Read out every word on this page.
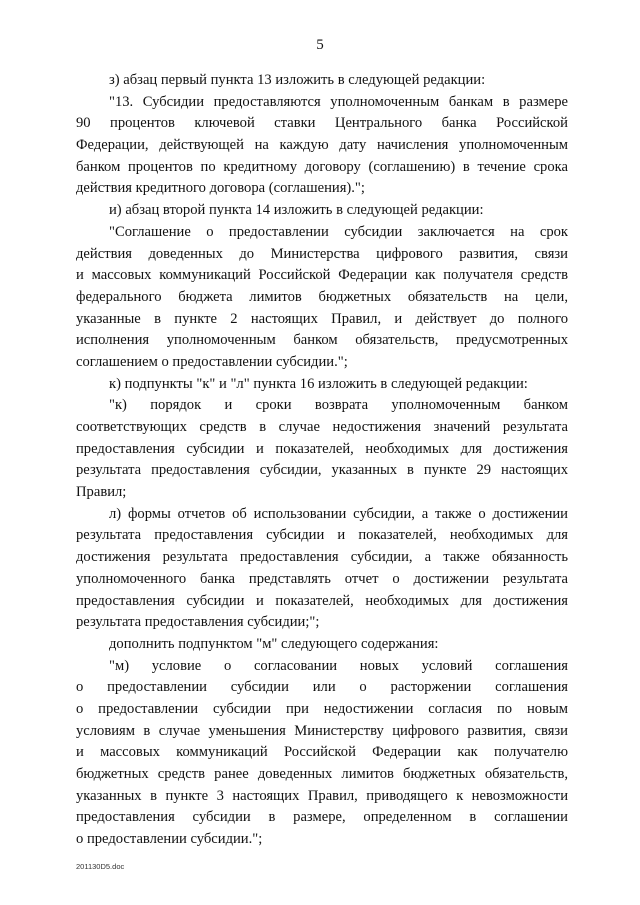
5

з) абзац первый пункта 13 изложить в следующей редакции:

"13. Субсидии предоставляются уполномоченным банкам в размере
90 процентов ключевой ставки Центрального банка Российской
Федерации, действующей на каждую дату начисления уполномоченным
банком процентов по кредитному договору (соглашению) в течение срока
действия кредитного договора (соглашения).";

и) абзац второй пункта 14 изложить в следующей редакции:

"Соглашение о предоставлении субсидии заключается на срок
действия доведенных до Министерства цифрового развития, связи
и массовых коммуникаций Российской Федерации как получателя средств
федерального бюджета лимитов бюджетных обязательств на цели,
указанные в пункте 2 настоящих Правил, и действует до полного
исполнения уполномоченным банком обязательств, предусмотренных
соглашением о предоставлении субсидии.";

к) подпункты "к" и "л" пункта 16 изложить в следующей редакции:

"к) порядок и сроки возврата уполномоченным банком
соответствующих средств в случае недостижения значений результата
предоставления субсидии и показателей, необходимых для достижения
результата предоставления субсидии, указанных в пункте 29 настоящих
Правил;

л) формы отчетов об использовании субсидии, а также о достижении
результата предоставления субсидии и показателей, необходимых для
достижения результата предоставления субсидии, а также обязанность
уполномоченного банка представлять отчет о достижении результата
предоставления субсидии и показателей, необходимых для достижения
результата предоставления субсидии;";

дополнить подпунктом "м" следующего содержания:

"м) условие о согласовании новых условий соглашения
о предоставлении субсидии или о расторжении соглашения
о предоставлении субсидии при недостижении согласия по новым
условиям в случае уменьшения Министерству цифрового развития, связи
и массовых коммуникаций Российской Федерации как получателю
бюджетных средств ранее доведенных лимитов бюджетных обязательств,
указанных в пункте 3 настоящих Правил, приводящего к невозможности
предоставления субсидии в размере, определенном в соглашении
о предоставлении субсидии.";

201130D5.doc
